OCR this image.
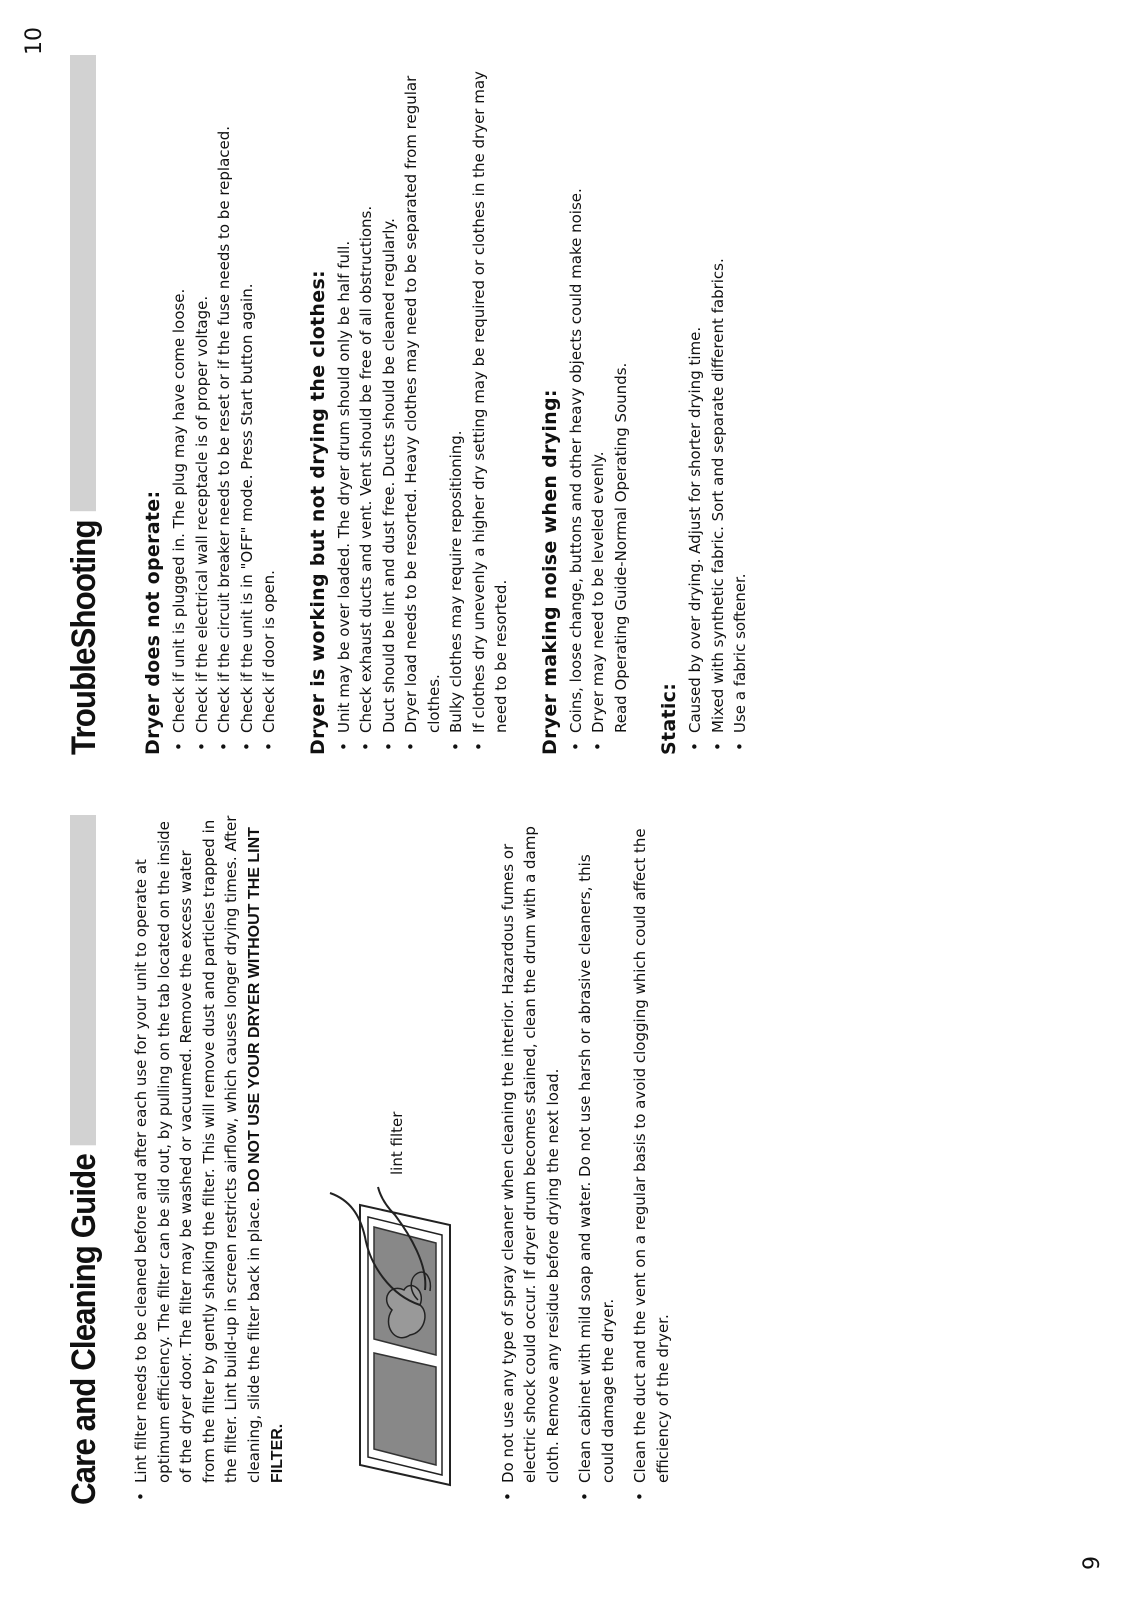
9
10
Care and Cleaning Guide	• Lint filter needs to be cleaned before and after each use for your unit to operate at optimum efficiency. The filter can be slid out, by pulling on the tab located on the inside of the dryer door. The filter may be washed or vacuumed. Remove the excess water from the filter by gently shaking the filter. This will remove dust and particles trapped in the filter. Lint build-up in screen restricts airflow, which causes longer drying times. After cleaning, slide the filter back in place. DO NOT USE YOUR DRYER WITHOUT THE LINT FILTER.
lint filter	• Do not use any type of spray cleaner when cleaning the interior. Hazardous fumes or electric shock could occur. If dryer drum becomes stained, clean the drum with a damp cloth. Remove any residue before drying the next load. • Clean cabinet with mild soap and water. Do not use harsh or abrasive cleaners, this could damage the dryer. • Clean the duct and the vent on a regular basis to avoid clogging which could affect the efficiency of the dryer.
TroubleShooting Dryer does not operate: • Check if unit is plugged in. The plug may have come loose. • Check if the electrical wall receptacle is of proper voltage. • Check if the circuit breaker needs to be reset or if the fuse needs to be replaced. • Check if the unit is in "OFF" mode. Press Start button again. • Check if door is open. Dryer is working but not drying the clothes: • Unit may be over loaded. The dryer drum should only be half full. • Check exhaust ducts and vent. Vent should be free of all obstructions. • Duct should be lint and dust free. Ducts should be cleaned regularly. • Dryer load needs to be resorted. Heavy clothes may need to be separated from regular clothes. • Bulky clothes may require repositioning. • If clothes dry unevenly a higher dry setting may be required or clothes in the dryer may need to be resorted. Dryer making noise when drying: • Coins, loose change, buttons and other heavy objects could make noise. • Dryer may need to be leveled evenly. Read Operating Guide-Normal Operating Sounds. Static: • Caused by over drying. Adjust for shorter drying time. • Mixed with synthetic fabric. Sort and separate different fabrics. • Use a fabric softener.
